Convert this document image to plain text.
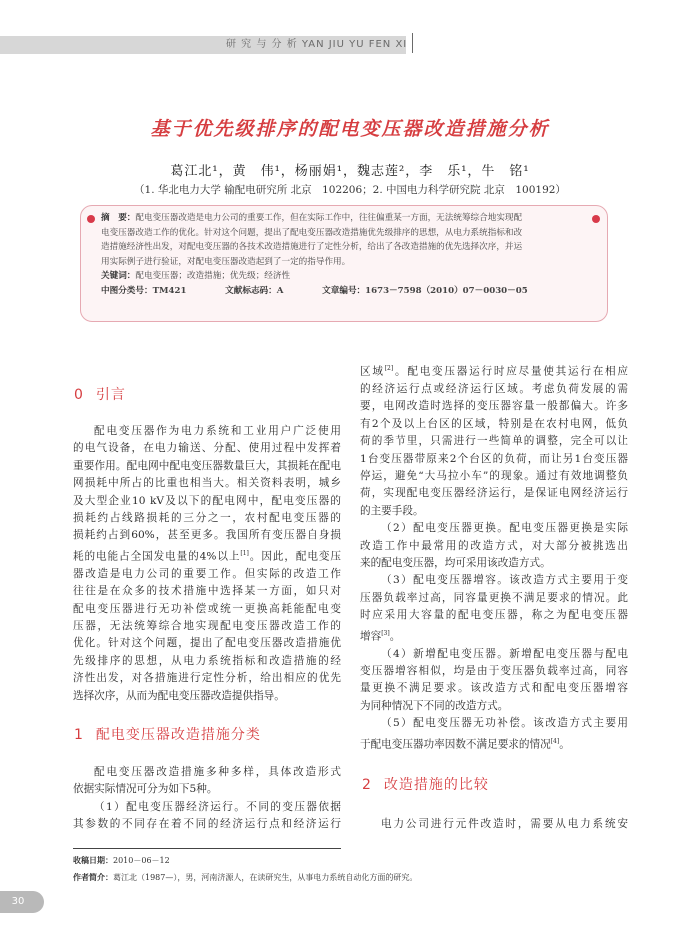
研 究 与 分 析 YAN JIU YU FEN XI
基于优先级排序的配电变压器改造措施分析
葛江北¹，黄　伟¹，杨丽娟¹，魏志莲²，李　乐¹，牛　铭¹
（1. 华北电力大学 输配电研究所 北京　102206；2. 中国电力科学研究院 北京　100192）
摘　要：配电变压器改造是电力公司的重要工作，但在实际工作中，往往偏重某一方面，无法统筹综合地实现配
电变压器改造工作的优化。针对这个问题，提出了配电变压器改造措施优先级排序的思想，从电力系统指标和改
造措施经济性出发，对配电变压器的各技术改造措施进行了定性分析，给出了各改造措施的优先选择次序，并运
用实际例子进行验证，对配电变压器改造起到了一定的指导作用。
关键词：配电变压器；改造措施；优先级；经济性
中图分类号：TM421	文献标志码：A	文章编号：1673－7598（2010）07－0030－05
0 引言
1 配电变压器改造措施分类
2 改造措施的比较

配电变压器作为电力系统和工业用户广泛使用

的电气设备，在电力输送、分配、使用过程中发挥着

重要作用。配电网中配电变压器数量巨大，其损耗在配电

网损耗中所占的比重也相当大。相关资料表明，城乡

及大型企业10 kV及以下的配电网中，配电变压器的

损耗约占线路损耗的三分之一，农村配电变压器的

损耗约占到60%，甚至更多。我国所有变压器自身损

耗的电能占全国发电量的4%以上[1]。因此，配电变压

器改造是电力公司的重要工作。但实际的改造工作

往往是在众多的技术措施中选择某一方面，如只对

配电变压器进行无功补偿或统一更换高耗能配电变

压器，无法统筹综合地实现配电变压器改造工作的

优化。针对这个问题，提出了配电变压器改造措施优

先级排序的思想，从电力系统指标和改造措施的经

济性出发，对各措施进行定性分析，给出相应的优先

选择次序，从而为配电变压器改造提供指导。

配电变压器改造措施多种多样，具体改造形式

依据实际情况可分为如下5种。

（1）配电变压器经济运行。不同的变压器依据

其参数的不同存在着不同的经济运行点和经济运行

区域[2]。配电变压器运行时应尽量使其运行在相应

的经济运行点或经济运行区域。考虑负荷发展的需

要，电网改造时选择的变压器容量一般都偏大。许多

有2个及以上台区的区域，特别是在农村电网，低负

荷的季节里，只需进行一些简单的调整，完全可以让

1台变压器带原来2个台区的负荷，而让另1台变压器

停运，避免“大马拉小车”的现象。通过有效地调整负

荷，实现配电变压器经济运行，是保证电网经济运行

的主要手段。

（2）配电变压器更换。配电变压器更换是实际

改造工作中最常用的改造方式，对大部分被挑选出

来的配电变压器，均可采用该改造方式。

（3）配电变压器增容。该改造方式主要用于变

压器负载率过高，同容量更换不满足要求的情况。此

时应采用大容量的配电变压器，称之为配电变压器

增容[3]。

（4）新增配电变压器。新增配电变压器与配电

变压器增容相似，均是由于变压器负载率过高，同容

量更换不满足要求。该改造方式和配电变压器增容

为同种情况下不同的改造方式。

（5）配电变压器无功补偿。该改造方式主要用

于配电变压器功率因数不满足要求的情况[4]。

电力公司进行元件改造时，需要从电力系统安

收稿日期：2010－06－12
作者简介：葛江北（1987—），男，河南济源人，在读研究生，从事电力系统自动化方面的研究。
30
